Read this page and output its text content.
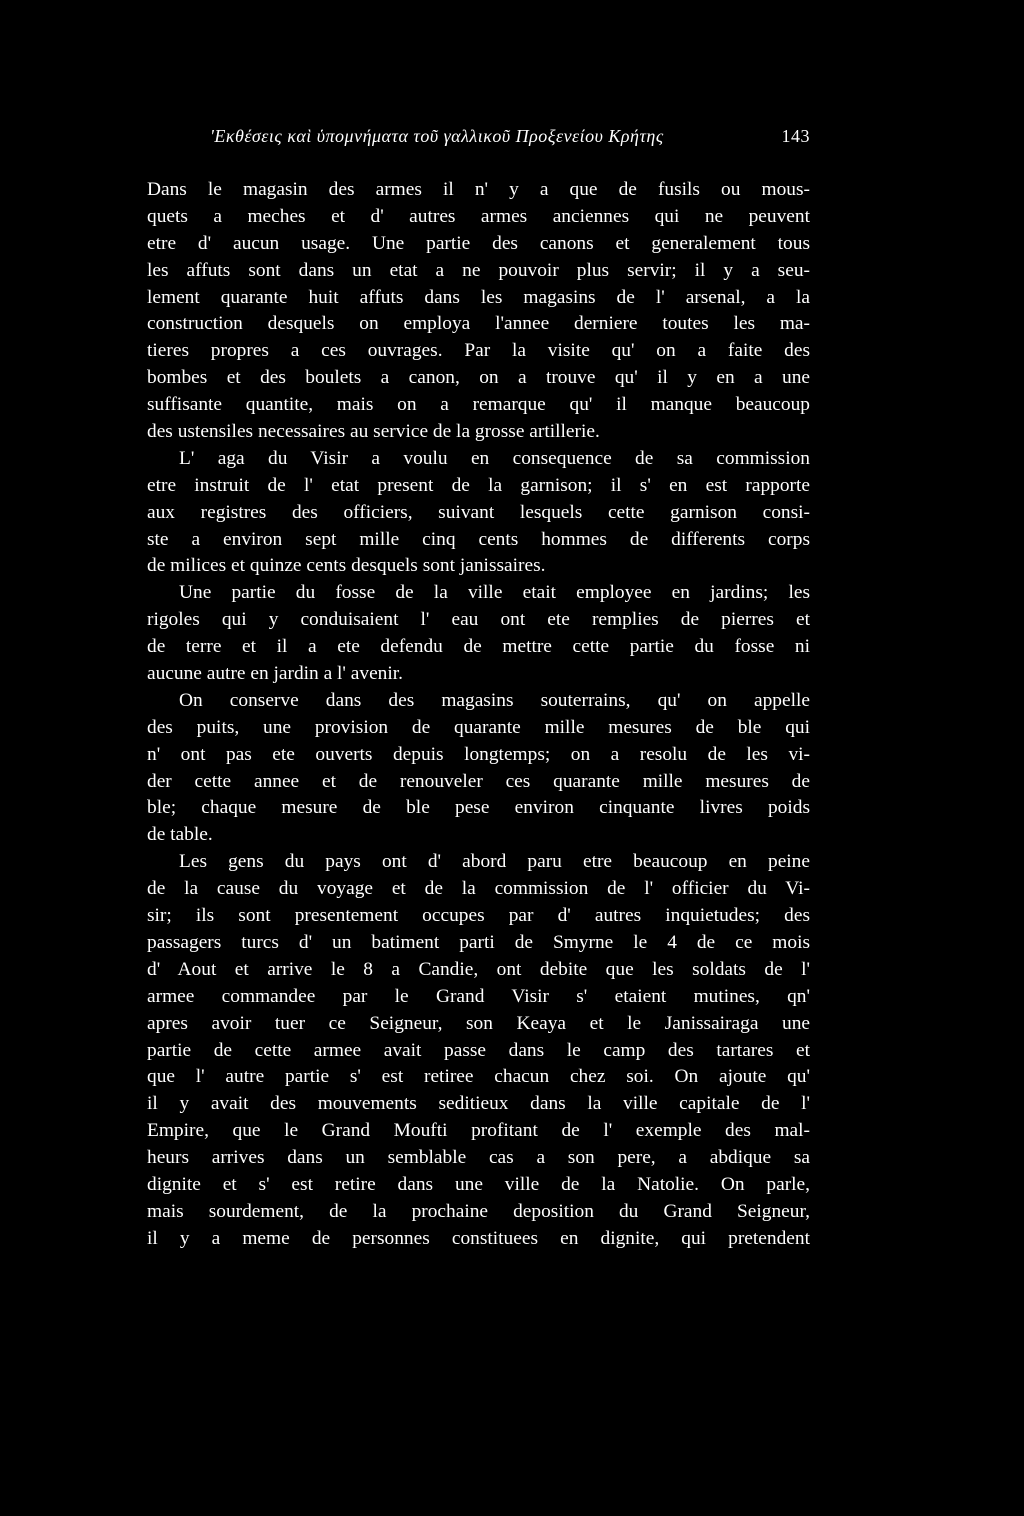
'Εκθέσεις καὶ ὑπομνήματα τοῦ γαλλικοῦ Προξενείου Κρήτης	143
Dans le magasin des armes il n' y a que de fusils ou mous-
quets a meches et d' autres armes anciennes qui ne peuvent
etre d' aucun usage. Une partie des canons et generalement tous
les affuts sont dans un etat a ne pouvoir plus servir; il y a seu-
lement quarante huit affuts dans les magasins de l' arsenal, a la
construction desquels on employa l'annee derniere toutes les ma-
tieres propres a ces ouvrages. Par la visite qu' on a faite des
bombes et des boulets a canon, on a trouve qu' il y en a une
suffisante quantite, mais on a remarque qu' il manque beaucoup
des ustensiles necessaires au service de la grosse artillerie.
L' aga du Visir a voulu en consequence de sa commission
etre instruit de l' etat present de la garnison; il s' en est rapporte
aux registres des officiers, suivant lesquels cette garnison consi-
ste a environ sept mille cinq cents hommes de differents corps
de milices et quinze cents desquels sont janissaires.
Une partie du fosse de la ville etait employee en jardins; les
rigoles qui y conduisaient l' eau ont ete remplies de pierres et
de terre et il a ete defendu de mettre cette partie du fosse ni
aucune autre en jardin a l' avenir.
On conserve dans des magasins souterrains, qu' on appelle
des puits, une provision de quarante mille mesures de ble qui
n' ont pas ete ouverts depuis longtemps; on a resolu de les vi-
der cette annee et de renouveler ces quarante mille mesures de
ble; chaque mesure de ble pese environ cinquante livres poids
de table.
Les gens du pays ont d' abord paru etre beaucoup en peine
de la cause du voyage et de la commission de l' officier du Vi-
sir; ils sont presentement occupes par d' autres inquietudes; des
passagers turcs d' un batiment parti de Smyrne le 4 de ce mois
d' Aout et arrive le 8 a Candie, ont debite que les soldats de l'
armee commandee par le Grand Visir s' etaient mutines, qn'
apres avoir tuer ce Seigneur, son Keaya et le Janissairaga une
partie de cette armee avait passe dans le camp des tartares et
que l' autre partie s' est retiree chacun chez soi. On ajoute qu'
il y avait des mouvements seditieux dans la ville capitale de l'
Empire, que le Grand Moufti profitant de l' exemple des mal-
heurs arrives dans un semblable cas a son pere, a abdique sa
dignite et s' est retire dans une ville de la Natolie. On parle,
mais sourdement, de la prochaine deposition du Grand Seigneur,
il y a meme de personnes constituees en dignite, qui pretendent
